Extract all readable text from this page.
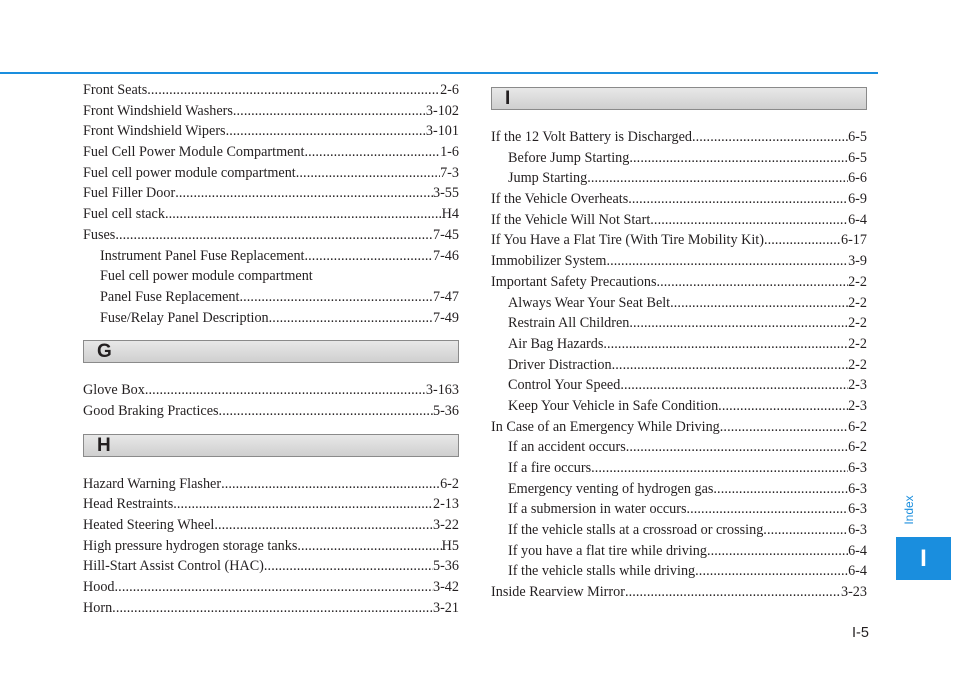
Front Seats .....	2-6
Front Windshield Washers .....	3-102
Front Windshield Wipers .....	3-101
Fuel Cell Power Module Compartment .....	1-6
Fuel cell power module compartment .....	7-3
Fuel Filler Door .....	3-55
Fuel cell stack .....	H4
Fuses .....	7-45
Instrument Panel Fuse Replacement .....	7-46
Fuel cell power module compartment
Panel Fuse Replacement .....	7-47
Fuse/Relay Panel Description .....	7-49
G
Glove Box .....	3-163
Good Braking Practices .....	5-36
H
Hazard Warning Flasher .....	6-2
Head Restraints .....	2-13
Heated Steering Wheel .....	3-22
High pressure hydrogen storage tanks .....	H5
Hill-Start Assist Control (HAC) .....	5-36
Hood .....	3-42
Horn .....	3-21
I
If the 12 Volt Battery is Discharged .....	6-5
Before Jump Starting .....	6-5
Jump Starting .....	6-6
If the Vehicle Overheats .....	6-9
If the Vehicle Will Not Start .....	6-4
If You Have a Flat Tire (With Tire Mobility Kit) .....	6-17
Immobilizer System .....	3-9
Important Safety Precautions .....	2-2
Always Wear Your Seat Belt .....	2-2
Restrain All Children .....	2-2
Air Bag Hazards .....	2-2
Driver Distraction .....	2-2
Control Your Speed .....	2-3
Keep Your Vehicle in Safe Condition .....	2-3
In Case of an Emergency While Driving .....	6-2
If an accident occurs. .....	6-2
If a fire occurs .....	6-3
Emergency venting of hydrogen gas .....	6-3
If a submersion in water occurs .....	6-3
If the vehicle stalls at a crossroad or crossing .....	6-3
If you have a flat tire while driving .....	6-4
If the vehicle stalls while driving .....	6-4
Inside Rearview Mirror .....	3-23
Index
I
I-5
